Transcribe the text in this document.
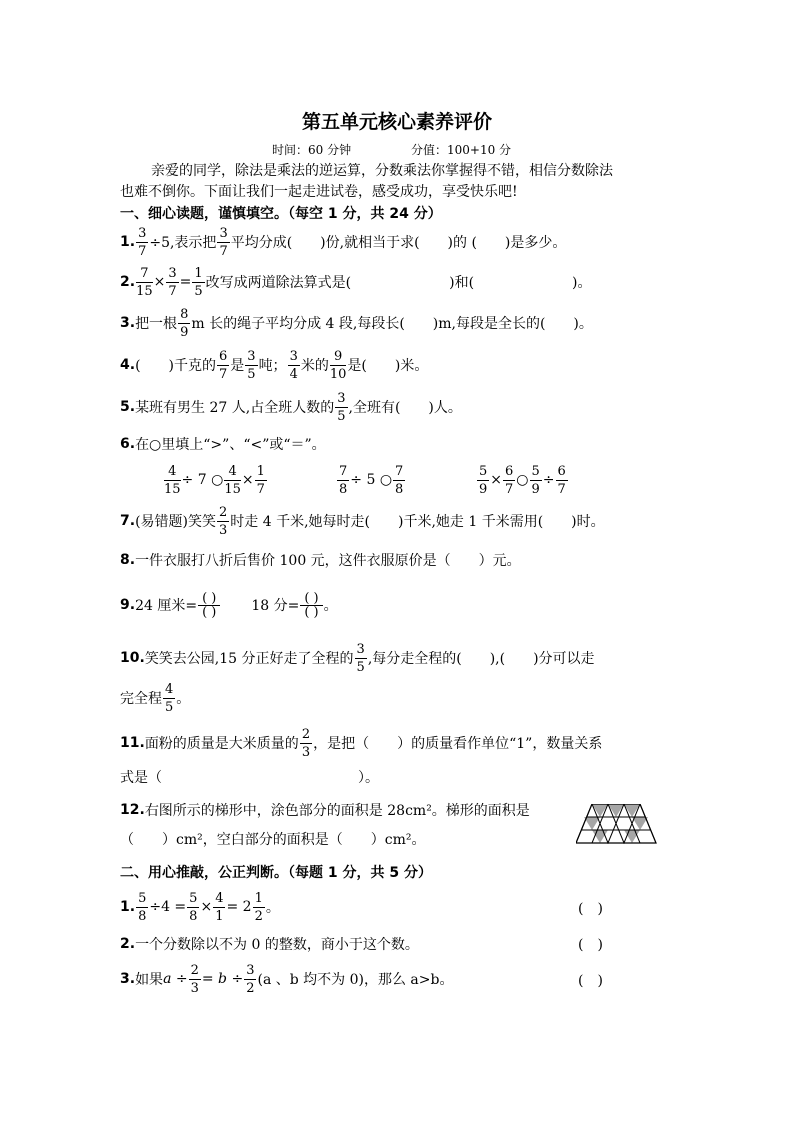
第五单元核心素养评价
时间：60 分钟	分值：100+10 分
亲爱的同学，除法是乘法的逆运算，分数乘法你掌握得不错，相信分数除法
也难不倒你。下面让我们一起走进试卷，感受成功，享受快乐吧!
一、细心读题，谨慎填空。（每空 1 分，共 24 分）
1. $\frac{3}{7} \div 5$,表示把 $\frac{3}{7}$ 平均分成(　　)份,就相当于求(　　)的 (　　)是多少。
2. $\frac{7}{15} \times \frac{3}{7} = \frac{1}{5}$ 改写成两道除法算式是(　　　　　　　)和(　　　　　　　)。
3. 把一根 $\frac{8}{9}$ m 长的绳子平均分成 4 段,每段长(　　)m,每段是全长的(　　)。
4. (　　)千克的 $\frac{6}{7}$ 是 $\frac{3}{5}$ 吨； $\frac{3}{4}$ 米的 $\frac{9}{10}$ 是(　　)米。
5. 某班有男生 27 人,占全班人数的 $\frac{3}{5}$ ,全班有(　　)人。
6. 在○里填上“>”、“<”或“＝”。
$\frac{4}{15} \div 7$ ○ $\frac{4}{15} \times \frac{1}{7}$	$\frac{7}{8} \div 5$ ○ $\frac{7}{8}$	$\frac{5}{9} \times \frac{6}{7}$ ○ $\frac{5}{9} \div \frac{6}{7}$
7. (易错题)笑笑 $\frac{2}{3}$ 时走 4 千米,她每时走(　　)千米,她走 1 千米需用(　　)时。
8. 一件衣服打八折后售价 100 元，这件衣服原价是（　　）元。
9. 24 厘米= $\frac{( )}{( )} 18$ 分= $\frac{( )}{( )}$ 。
10. 笑笑去公园,15 分正好走了全程的 $\frac{3}{5}$ ,每分走全程的(　　),(　　)分可以走
完全程 $\frac{4}{5}$ 。
11. 面粉的质量是大米质量的 $\frac{2}{3}$ ，是把（　　）的质量看作单位“1”，数量关系
式是（　　　　　　　　　　　　　　）。
12. 右图所示的梯形中，涂色部分的面积是 28cm²。梯形的面积是
（　　）cm²，空白部分的面积是（　　）cm²。
二、用心推敲，公正判断。（每题 1 分，共 5 分）
1. $\frac{5}{8} \div 4 = \frac{5}{8} \times \frac{4}{1} = 2 \frac{1}{2}$ 。	(　)
2. 一个分数除以不为 0 的整数，商小于这个数。	(　)
3. 如果 $a \div \frac{2}{3} = b \div \frac{3}{2} (a$ 、b 均不为 0)，那么 a>b。	(　)
